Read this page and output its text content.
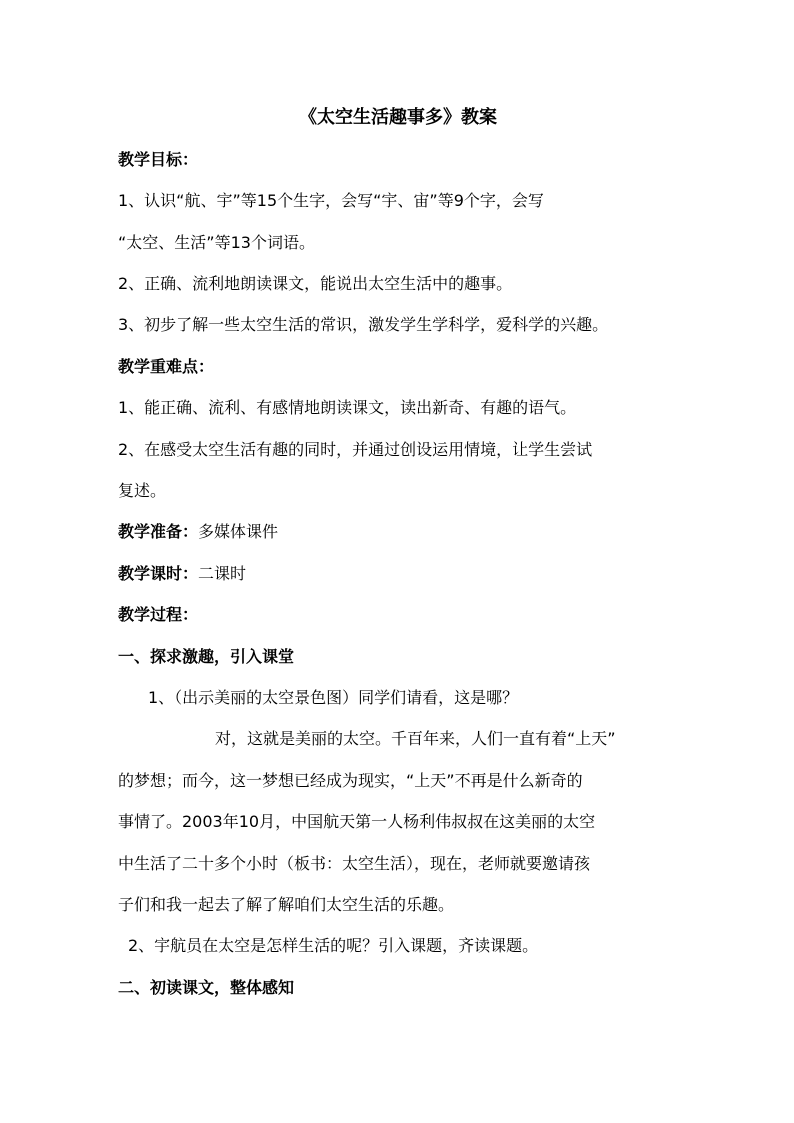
《太空生活趣事多》教案
教学目标：
1、认识“航、宇”等15个生字，会写“宇、宙”等9个字，会写
“太空、生活”等13个词语。
2、正确、流利地朗读课文，能说出太空生活中的趣事。
3、初步了解一些太空生活的常识，激发学生学科学，爱科学的兴趣。
教学重难点：
1、能正确、流利、有感情地朗读课文，读出新奇、有趣的语气。
2、在感受太空生活有趣的同时，并通过创设运用情境，让学生尝试
复述。
教学准备：多媒体课件
教学课时：二课时
教学过程：
一、探求激趣，引入课堂
1、（出示美丽的太空景色图）同学们请看，这是哪？
对，这就是美丽的太空。千百年来，人们一直有着“上天”
的梦想；而今，这一梦想已经成为现实，“上天”不再是什么新奇的
事情了。2003年10月，中国航天第一人杨利伟叔叔在这美丽的太空
中生活了二十多个小时（板书：太空生活），现在，老师就要邀请孩
子们和我一起去了解了解咱们太空生活的乐趣。
2、宇航员在太空是怎样生活的呢？引入课题，齐读课题。
二、初读课文，整体感知
